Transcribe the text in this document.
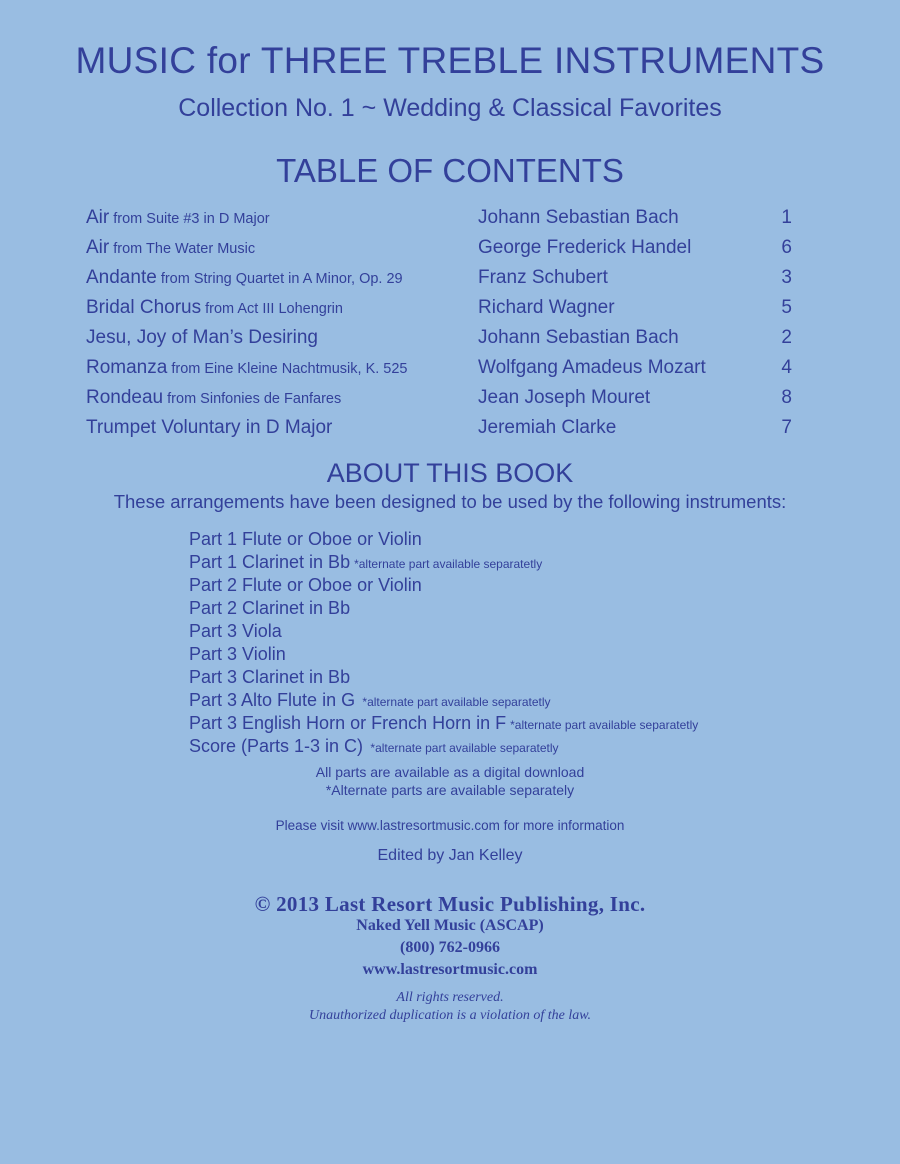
MUSIC for THREE TREBLE INSTRUMENTS
Collection No. 1 ~ Wedding & Classical Favorites
TABLE OF CONTENTS
Air from Suite #3 in D Major	Johann Sebastian Bach	1
Air from The Water Music	George Frederick Handel	6
Andante from String Quartet in A Minor, Op. 29	Franz Schubert	3
Bridal Chorus from Act III Lohengrin	Richard Wagner	5
Jesu, Joy of Man’s Desiring	Johann Sebastian Bach	2
Romanza from Eine Kleine Nachtmusik, K. 525	Wolfgang Amadeus Mozart	4
Rondeau from Sinfonies de Fanfares	Jean Joseph Mouret	8
Trumpet Voluntary in D Major	Jeremiah Clarke	7
ABOUT THIS BOOK
These arrangements have been designed to be used by the following instruments:
Part 1 Flute or Oboe or Violin
Part 1 Clarinet in Bb *alternate part available separatetly
Part 2 Flute or Oboe or Violin
Part 2 Clarinet in Bb
Part 3 Viola
Part 3 Violin
Part 3 Clarinet in Bb
Part 3 Alto Flute in G *alternate part available separatetly
Part 3 English Horn or French Horn in F *alternate part available separatetly
Score (Parts 1-3 in C) *alternate part available separatetly
All parts are available as a digital download
*Alternate parts are available separately
Please visit www.lastresortmusic.com for more information
Edited by Jan Kelley
© 2013 Last Resort Music Publishing, Inc.
Naked Yell Music (ASCAP)
(800) 762-0966
www.lastresortmusic.com
All rights reserved.
Unauthorized duplication is a violation of the law.
